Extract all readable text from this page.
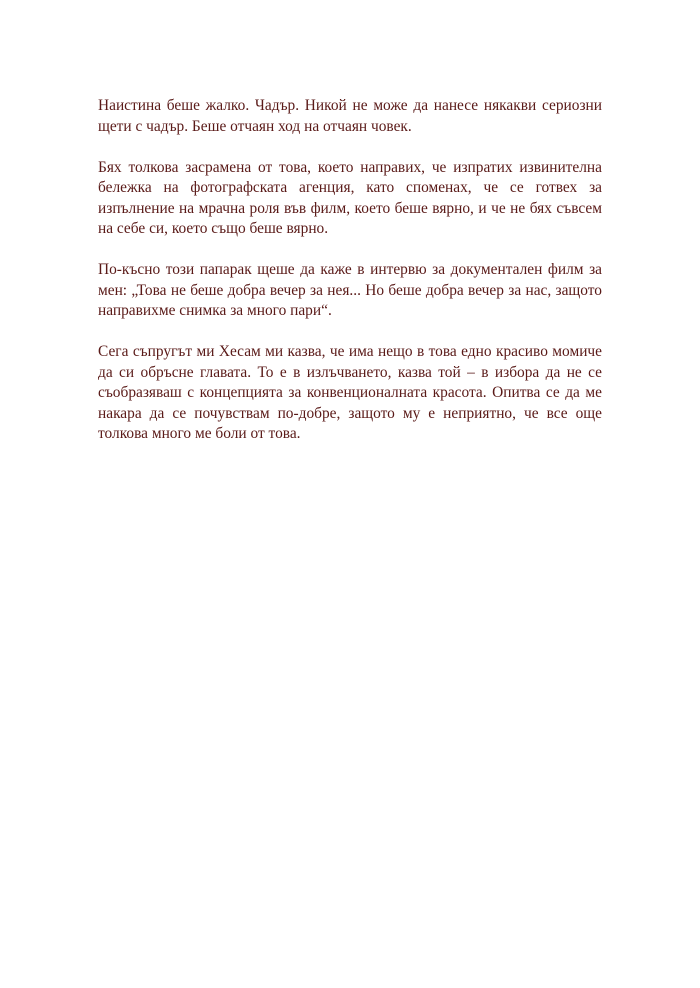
Наистина беше жалко. Чадър. Никой не може да нанесе някакви сериозни щети с чадър. Беше отчаян ход на отчаян човек.

Бях толкова засрамена от това, което направих, че изпратих извинителна бележка на фотографската агенция, като споменах, че се готвех за изпълнение на мрачна роля във филм, което беше вярно, и че не бях съвсем на себе си, което също беше вярно.

По-късно този папарак щеше да каже в интервю за документален филм за мен: „Това не беше добра вечер за нея... Но беше добра вечер за нас, защото направихме снимка за много пари“.

Сега съпругът ми Хесам ми казва, че има нещо в това едно красиво момиче да си обръсне главата. То е в излъчването, казва той – в избора да не се съобразяваш с концепцията за конвенционалната красота. Опитва се да ме накара да се почувствам по-добре, защото му е неприятно, че все още толкова много ме боли от това.
